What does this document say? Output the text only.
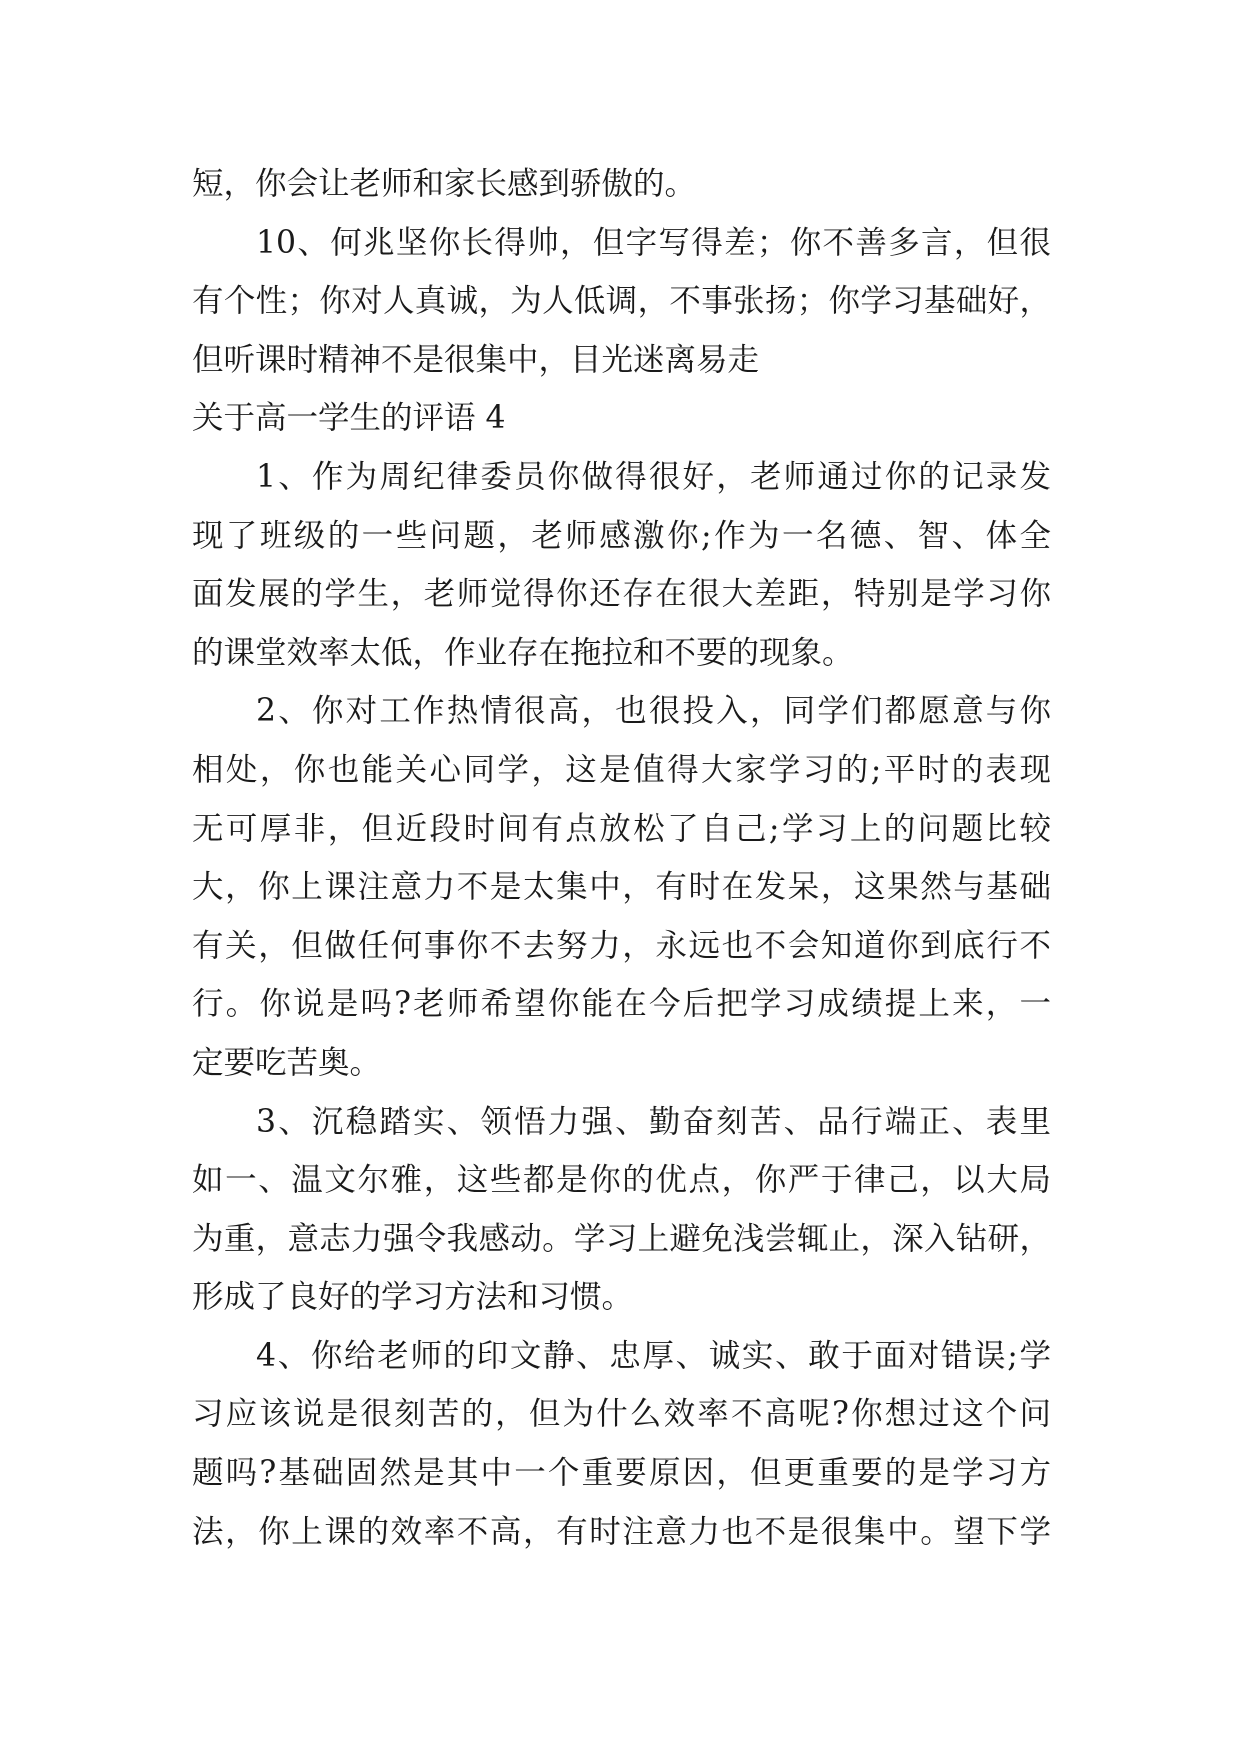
短，你会让老师和家长感到骄傲的。
10、何兆坚你长得帅，但字写得差；你不善多言，但很
有个性；你对人真诚，为人低调，不事张扬；你学习基础好，
但听课时精神不是很集中，目光迷离易走
关于高一学生的评语 4
1、作为周纪律委员你做得很好，老师通过你的记录发
现了班级的一些问题，老师感激你;作为一名德、智、体全
面发展的学生，老师觉得你还存在很大差距，特别是学习你
的课堂效率太低，作业存在拖拉和不要的现象。
2、你对工作热情很高，也很投入，同学们都愿意与你
相处，你也能关心同学，这是值得大家学习的;平时的表现
无可厚非，但近段时间有点放松了自己;学习上的问题比较
大，你上课注意力不是太集中，有时在发呆，这果然与基础
有关，但做任何事你不去努力，永远也不会知道你到底行不
行。你说是吗?老师希望你能在今后把学习成绩提上来，一
定要吃苦奥。
3、沉稳踏实、领悟力强、勤奋刻苦、品行端正、表里
如一、温文尔雅，这些都是你的优点，你严于律己，以大局
为重，意志力强令我感动。学习上避免浅尝辄止，深入钻研，
形成了良好的学习方法和习惯。
4、你给老师的印文静、忠厚、诚实、敢于面对错误;学
习应该说是很刻苦的，但为什么效率不高呢?你想过这个问
题吗?基础固然是其中一个重要原因，但更重要的是学习方
法，你上课的效率不高，有时注意力也不是很集中。望下学
